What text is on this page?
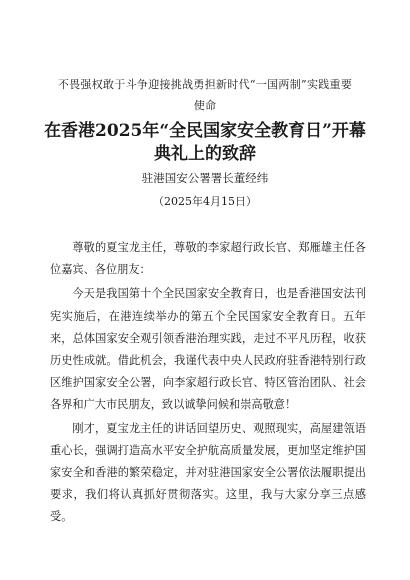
不畏强权敢于斗争迎接挑战勇担新时代“一国两制”实践重要
使命
在香港2025年“全民国家安全教育日”开幕
典礼上的致辞
驻港国安公署署长董经纬
（2025年4月15日）

尊敬的夏宝龙主任，尊敬的李家超行政长官、郑雁雄主任各位嘉宾、各位朋友：

今天是我国第十个全民国家安全教育日，也是香港国安法刊宪实施后，在港连续举办的第五个全民国家安全教育日。五年来，总体国家安全观引领香港治理实践，走过不平凡历程，收获历史性成就。借此机会，我谨代表中央人民政府驻香港特别行政区维护国家安全公署，向李家超行政长官、特区管治团队、社会各界和广大市民朋友，致以诚挚问候和崇高敬意！

刚才，夏宝龙主任的讲话回望历史、观照现实，高屋建瓴语重心长，强调打造高水平安全护航高质量发展，更加坚定维护国家安全和香港的繁荣稳定，并对驻港国家安全公署依法履职提出要求，我们将认真抓好贯彻落实。这里，我与大家分享三点感受。
